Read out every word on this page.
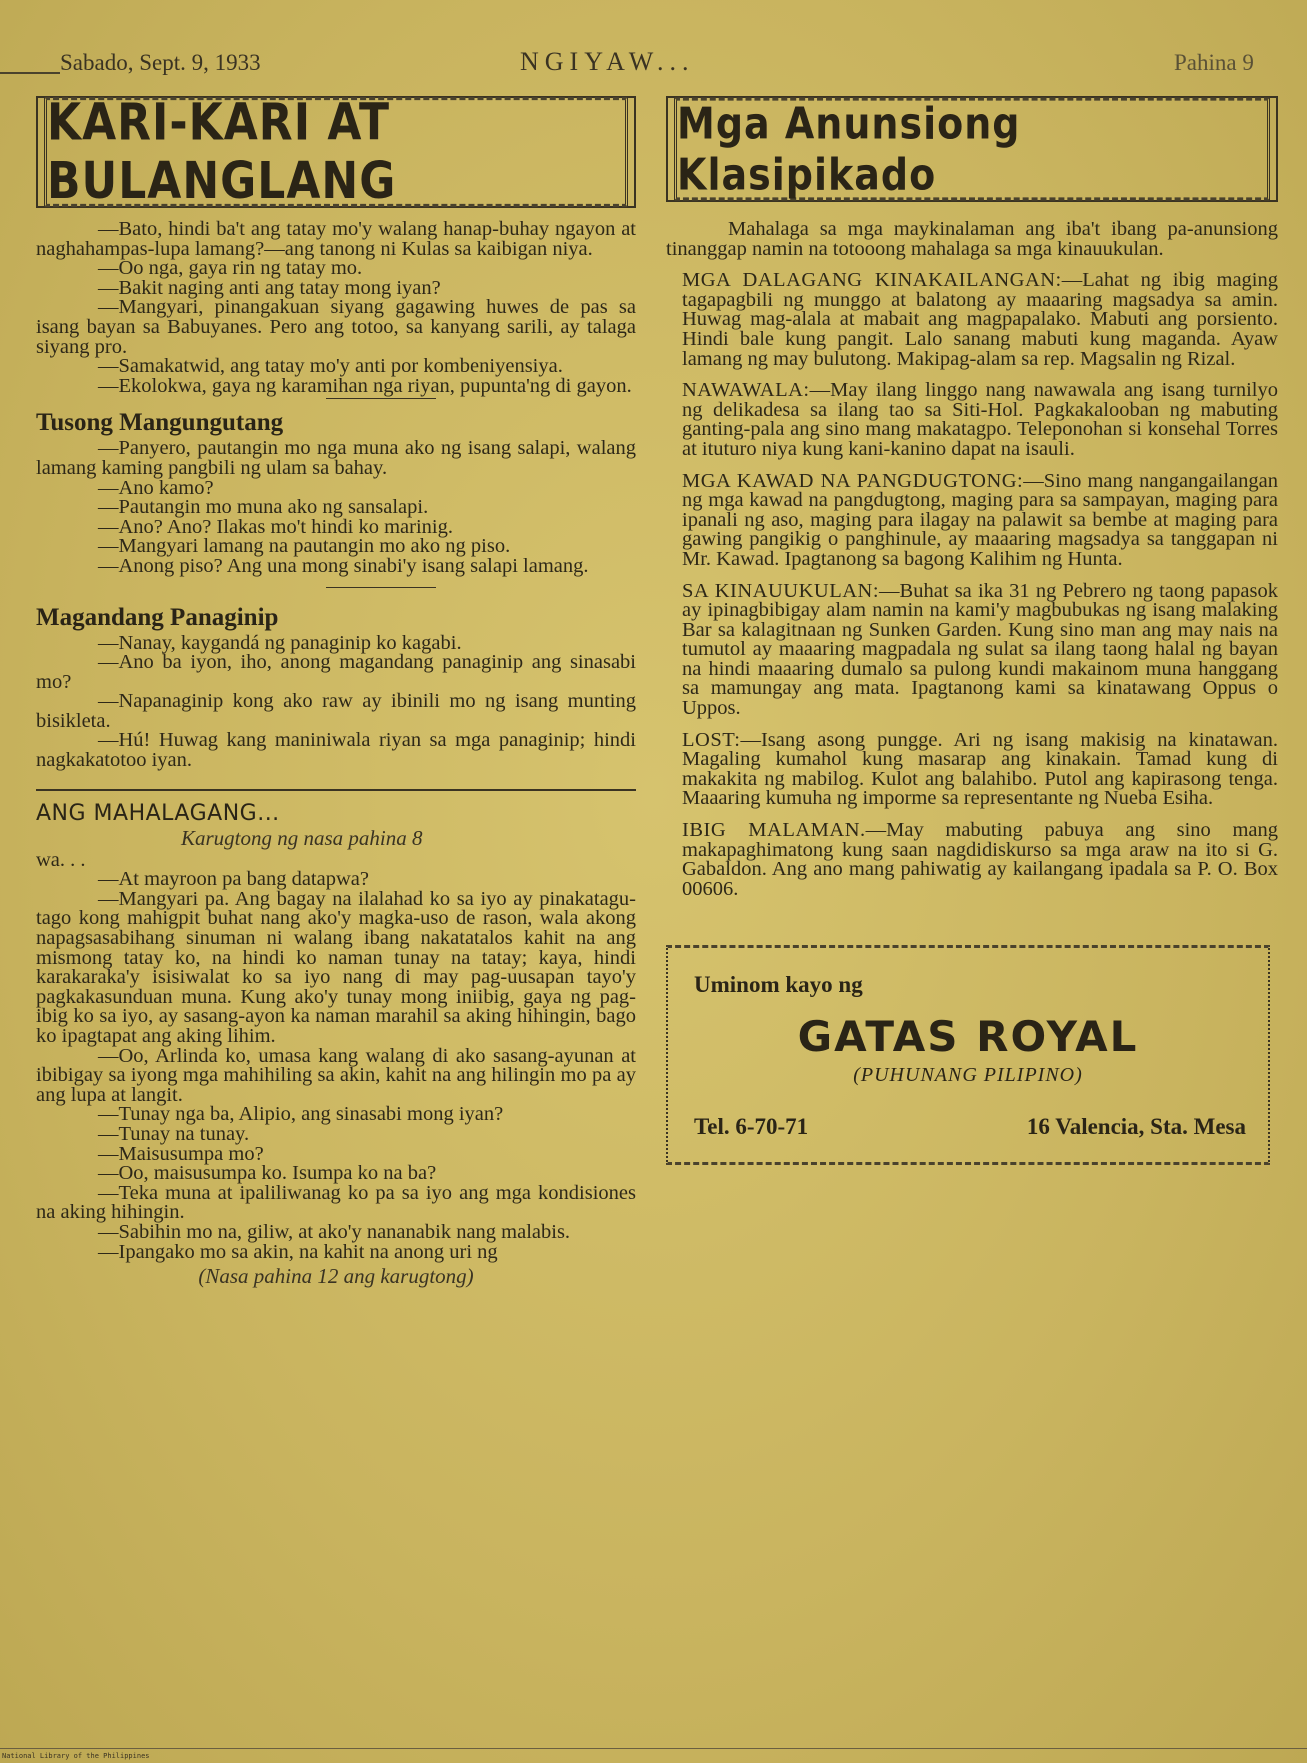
Sabado, Sept. 9, 1933	NGIYAW...	Pahina 9
KARI-KARI AT BULANGLANG

—Bato, hindi ba't ang tatay mo'y walang hanap-buhay ngayon at naghahampas-lupa lamang?—ang tanong ni Kulas sa kaibigan niya.

—Oo nga, gaya rin ng tatay mo.

—Bakit naging anti ang tatay mong iyan?

—Mangyari, pinangakuan siyang gagawing huwes de pas sa isang bayan sa Babuyanes. Pero ang totoo, sa kanyang sarili, ay talaga siyang pro.

—Samakatwid, ang tatay mo'y anti por kombeniyensiya.

—Ekolokwa, gaya ng karamihan nga riyan, pupunta'ng di gayon.

Tusong Mangungutang

—Panyero, pautangin mo nga muna ako ng isang salapi, walang lamang kaming pangbili ng ulam sa bahay.

—Ano kamo?

—Pautangin mo muna ako ng sansalapi.

—Ano? Ano? Ilakas mo't hindi ko marinig.

—Mangyari lamang na pautangin mo ako ng piso.

—Anong piso? Ang una mong sinabi'y isang salapi lamang.

Magandang Panaginip

—Nanay, kaygandá ng panaginip ko kagabi.

—Ano ba iyon, iho, anong magandang panaginip ang sinasabi mo?

—Napanaginip kong ako raw ay ibinili mo ng isang munting bisikleta.

—Hú! Huwag kang maniniwala riyan sa mga panaginip; hindi nagkakatotoo iyan.

ANG MAHALAGANG...
Karugtong ng nasa pahina 8

wa. . .

—At mayroon pa bang datapwa?

—Mangyari pa. Ang bagay na ilalahad ko sa iyo ay pinakatagu-tago kong mahigpit buhat nang ako'y magka-uso de rason, wala akong napagsasabihang sinuman ni walang ibang nakatatalos kahit na ang mismong tatay ko, na hindi ko naman tunay na tatay; kaya, hindi karakaraka'y isisiwalat ko sa iyo nang di may pag-uusapan tayo'y pagkakasunduan muna. Kung ako'y tunay mong iniibig, gaya ng pag-ibig ko sa iyo, ay sasang-ayon ka naman marahil sa aking hihingin, bago ko ipagtapat ang aking lihim.

—Oo, Arlinda ko, umasa kang walang di ako sasang-ayunan at ibibigay sa iyong mga mahihiling sa akin, kahit na ang hilingin mo pa ay ang lupa at langit.

—Tunay nga ba, Alipio, ang sinasabi mong iyan?

—Tunay na tunay.

—Maisusumpa mo?

—Oo, maisusumpa ko. Isumpa ko na ba?

—Teka muna at ipaliliwanag ko pa sa iyo ang mga kondisiones na aking hihingin.

—Sabihin mo na, giliw, at ako'y nananabik nang malabis.

—Ipangako mo sa akin, na kahit na anong uri ng

(Nasa pahina 12 ang karugtong)
Mga Anunsiong Klasipikado

Mahalaga sa mga maykinalaman ang iba't ibang pa-anunsiong tinanggap namin na totooong mahalaga sa mga kinauukulan.

MGA DALAGANG KINAKAILANGAN:—Lahat ng ibig maging tagapagbili ng munggo at balatong ay maaaring magsadya sa amin. Huwag mag-alala at mabait ang magpapalako. Mabuti ang porsiento. Hindi bale kung pangit. Lalo sanang mabuti kung maganda. Ayaw lamang ng may bulutong. Makipag-alam sa rep. Magsalin ng Rizal.

NAWAWALA:—May ilang linggo nang nawawala ang isang turnilyo ng delikadesa sa ilang tao sa Siti-Hol. Pagkakalooban ng mabuting ganting-pala ang sino mang makatagpo. Teleponohan si konsehal Torres at ituturo niya kung kani-kanino dapat na isauli.

MGA KAWAD NA PANGDUGTONG:—Sino mang nangangailangan ng mga kawad na pangdugtong, maging para sa sampayan, maging para ipanali ng aso, maging para ilagay na palawit sa bembe at maging para gawing pangikig o panghinule, ay maaaring magsadya sa tanggapan ni Mr. Kawad. Ipagtanong sa bagong Kalihim ng Hunta.

SA KINAUUKULAN:—Buhat sa ika 31 ng Pebrero ng taong papasok ay ipinagbibigay alam namin na kami'y magbubukas ng isang malaking Bar sa kalagitnaan ng Sunken Garden. Kung sino man ang may nais na tumutol ay maaaring magpadala ng sulat sa ilang taong halal ng bayan na hindi maaaring dumalo sa pulong kundi makainom muna hanggang sa mamungay ang mata. Ipagtanong kami sa kinatawang Oppus o Uppos.

LOST:—Isang asong pungge. Ari ng isang makisig na kinatawan. Magaling kumahol kung masarap ang kinakain. Tamad kung di makakita ng mabilog. Kulot ang balahibo. Putol ang kapirasong tenga. Maaaring kumuha ng imporme sa representante ng Nueba Esiha.

IBIG MALAMAN.—May mabuting pabuya ang sino mang makapaghimatong kung saan nagdidiskurso sa mga araw na ito si G. Gabaldon. Ang ano mang pahiwatig ay kailangang ipadala sa P. O. Box 00606.

Uminom kayo ng
GATAS ROYAL
(PUHUNANG PILIPINO)
Tel. 6-70-71	16 Valencia, Sta. Mesa
National Library of the Philippines
